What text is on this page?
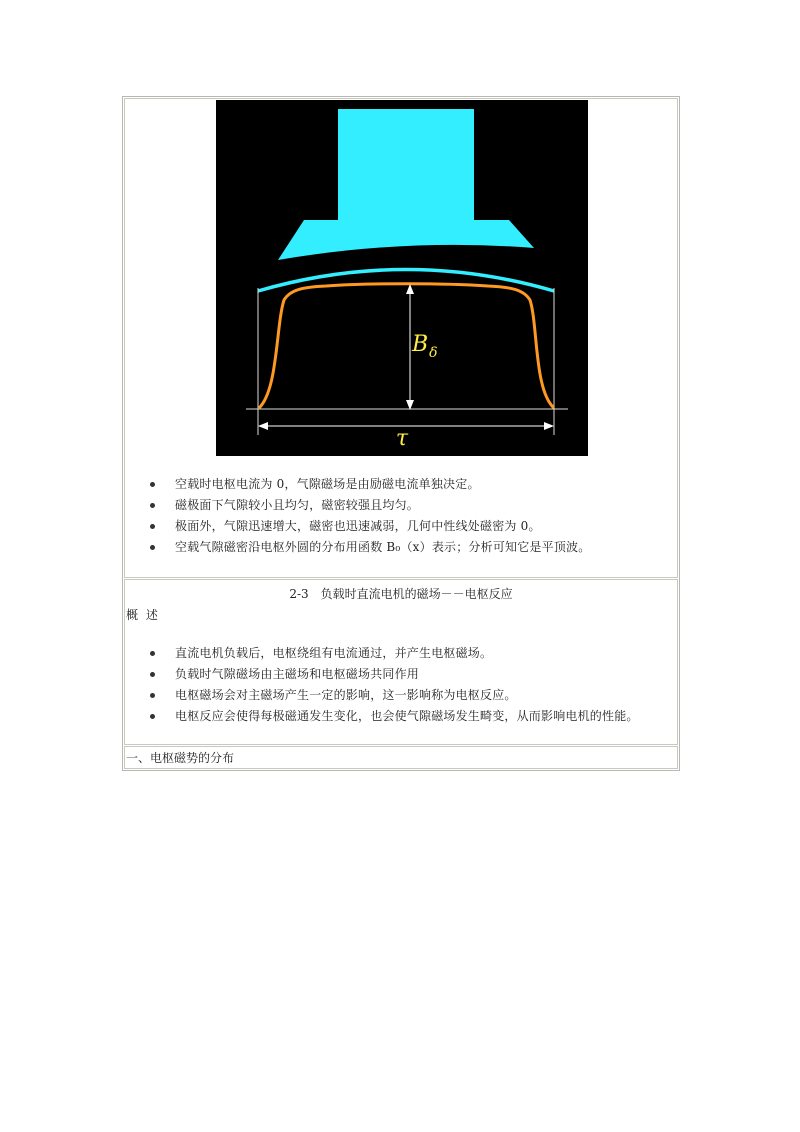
$B_\delta$
τ
空载时电枢电流为 0，气隙磁场是由励磁电流单独决定。
磁极面下气隙较小且均匀，磁密较强且均匀。
极面外，气隙迅速增大，磁密也迅速减弱，几何中性线处磁密为 0。
空载气隙磁密沿电枢外圆的分布用函数 B₀（x）表示；分析可知它是平顶波。
2-3　负载时直流电机的磁场－－电枢反应
概 述
直流电机负载后，电枢绕组有电流通过，并产生电枢磁场。
负载时气隙磁场由主磁场和电枢磁场共同作用
电枢磁场会对主磁场产生一定的影响，这一影响称为电枢反应。
电枢反应会使得每极磁通发生变化，也会使气隙磁场发生畸变，从而影响电机的性能。
一、电枢磁势的分布
